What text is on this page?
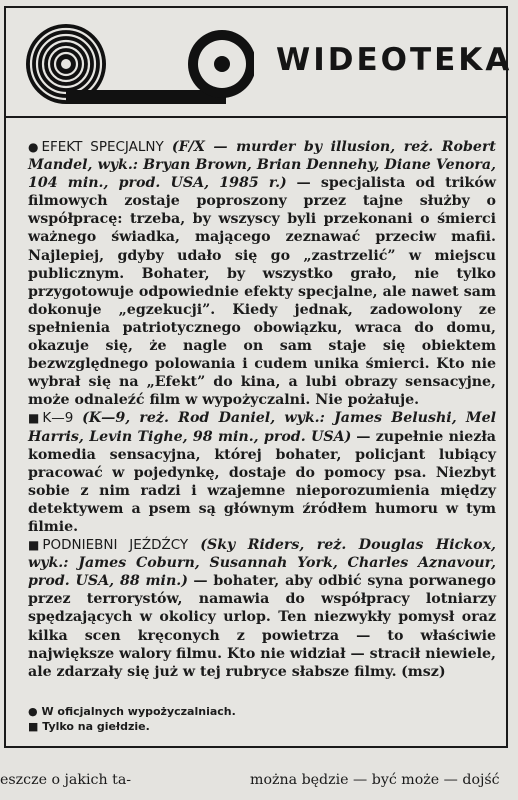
WIDEOTEKA

● EFEKT SPECJALNY (F/X — murder by illusion, reż. Robert Mandel, wyk.: Bryan Brown, Brian Dennehy, Diane Venora, 104 min., prod. USA, 1985 r.) — specjalista od trików filmowych zostaje poproszony przez tajne służby o współpracę: trzeba, by wszyscy byli przekonani o śmierci ważnego świadka, mającego zeznawać przeciw mafii. Najlepiej, gdyby udało się go „zastrzelić” w miejscu publicznym. Bohater, by wszystko grało, nie tylko przygotowuje odpowiednie efekty specjalne, ale nawet sam dokonuje „egzekucji”. Kiedy jednak, zadowolony ze spełnienia patriotycznego obowiązku, wraca do domu, okazuje się, że nagle on sam staje się obiektem bezwzględnego polowania i cudem unika śmierci. Kto nie wybrał się na „Efekt” do kina, a lubi obrazy sensacyjne, może odnaleźć film w wypożyczalni. Nie pożałuje.

■ K—9 (K—9, reż. Rod Daniel, wyk.: James Belushi, Mel Harris, Levin Tighe, 98 min., prod. USA) — zupełnie niezła komedia sensacyjna, której bohater, policjant lubiący pracować w pojedynkę, dostaje do pomocy psa. Niezbyt sobie z nim radzi i wzajemne nieporozumienia między detektywem a psem są głównym źródłem humoru w tym filmie.

■ PODNIEBNI JEŹDŹCY (Sky Riders, reż. Douglas Hickox, wyk.: James Coburn, Susannah York, Charles Aznavour, prod. USA, 88 min.) — bohater, aby odbić syna porwanego przez terrorystów, namawia do współpracy lotniarzy spędzających w okolicy urlop. Ten niezwykły pomysł oraz kilka scen kręconych z powietrza — to właściwie największe walory filmu. Kto nie widział — stracił niewiele, ale zdarzały się już w tej rubryce słabsze filmy. (msz)

● W oficjalnych wypożyczalniach.
■ Tylko na giełdzie.
eszcze o jakich ta-	można będzie — być może — dojść
